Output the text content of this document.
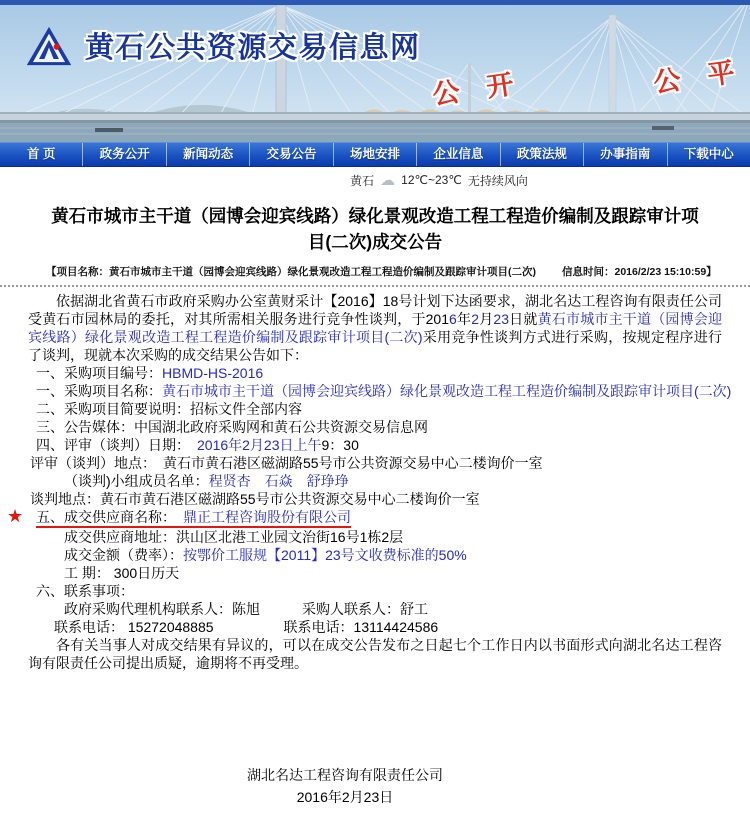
黄石公共资源交易信息网
公 开	公 平
首 页	政务公开	新闻动态	交易公告	场地安排	企业信息	政策法规	办事指南	下载中心
黄石 ☁ 12℃~23℃ 无持续风向
黄石市城市主干道（园博会迎宾线路）绿化景观改造工程工程造价编制及跟踪审计项目(二次)成交公告
【项目名称：黄石市城市主干道（园博会迎宾线路）绿化景观改造工程工程造价编制及跟踪审计项目(二次) 信息时间：2016/2/23 15:10:59】
依据湖北省黄石市政府采购办公室黄财采计【2016】18号计划下达函要求，湖北名达工程咨询有限责任公司受黄石市园林局的委托，对其所需相关服务进行竞争性谈判，于2016年2月23日就黄石市城市主干道（园博会迎宾线路）绿化景观改造工程工程造价编制及跟踪审计项目(二次)采用竞争性谈判方式进行采购，按规定程序进行了谈判，现就本次采购的成交结果公告如下：
一、采购项目编号：HBMD-HS-2016
一、采购项目名称：黄石市城市主干道（园博会迎宾线路）绿化景观改造工程工程造价编制及跟踪审计项目(二次)
二、采购项目简要说明：招标文件全部内容
三、公告媒体：中国湖北政府采购网和黄石公共资源交易信息网
四、评审（谈判）日期：　2016年2月23日上午9：30
评审（谈判）地点：　黄石市黄石港区磁湖路55号市公共资源交易中心二楼询价一室
（谈判)小组成员名单：程贤杏　石焱　舒琤琤
谈判地点：黄石市黄石港区磁湖路55号市公共资源交易中心二楼询价一室
五、成交供应商名称：　鼎正工程咨询股份有限公司
★
成交供应商地址：洪山区北港工业园文治街16号1栋2层
成交金额（费率）：按鄂价工服规【2011】23号文收费标准的50%
工 期： 300日历天
六、联系事项：
政府采购代理机构联系人：陈旭　　　采购人联系人：舒工
联系电话： 15272048885　　　　　联系电话：13114424586
各有关当事人对成交结果有异议的，可以在成交公告发布之日起七个工作日内以书面形式向湖北名达工程咨询有限责任公司提出质疑，逾期将不再受理。
湖北名达工程咨询有限责任公司
2016年2月23日
